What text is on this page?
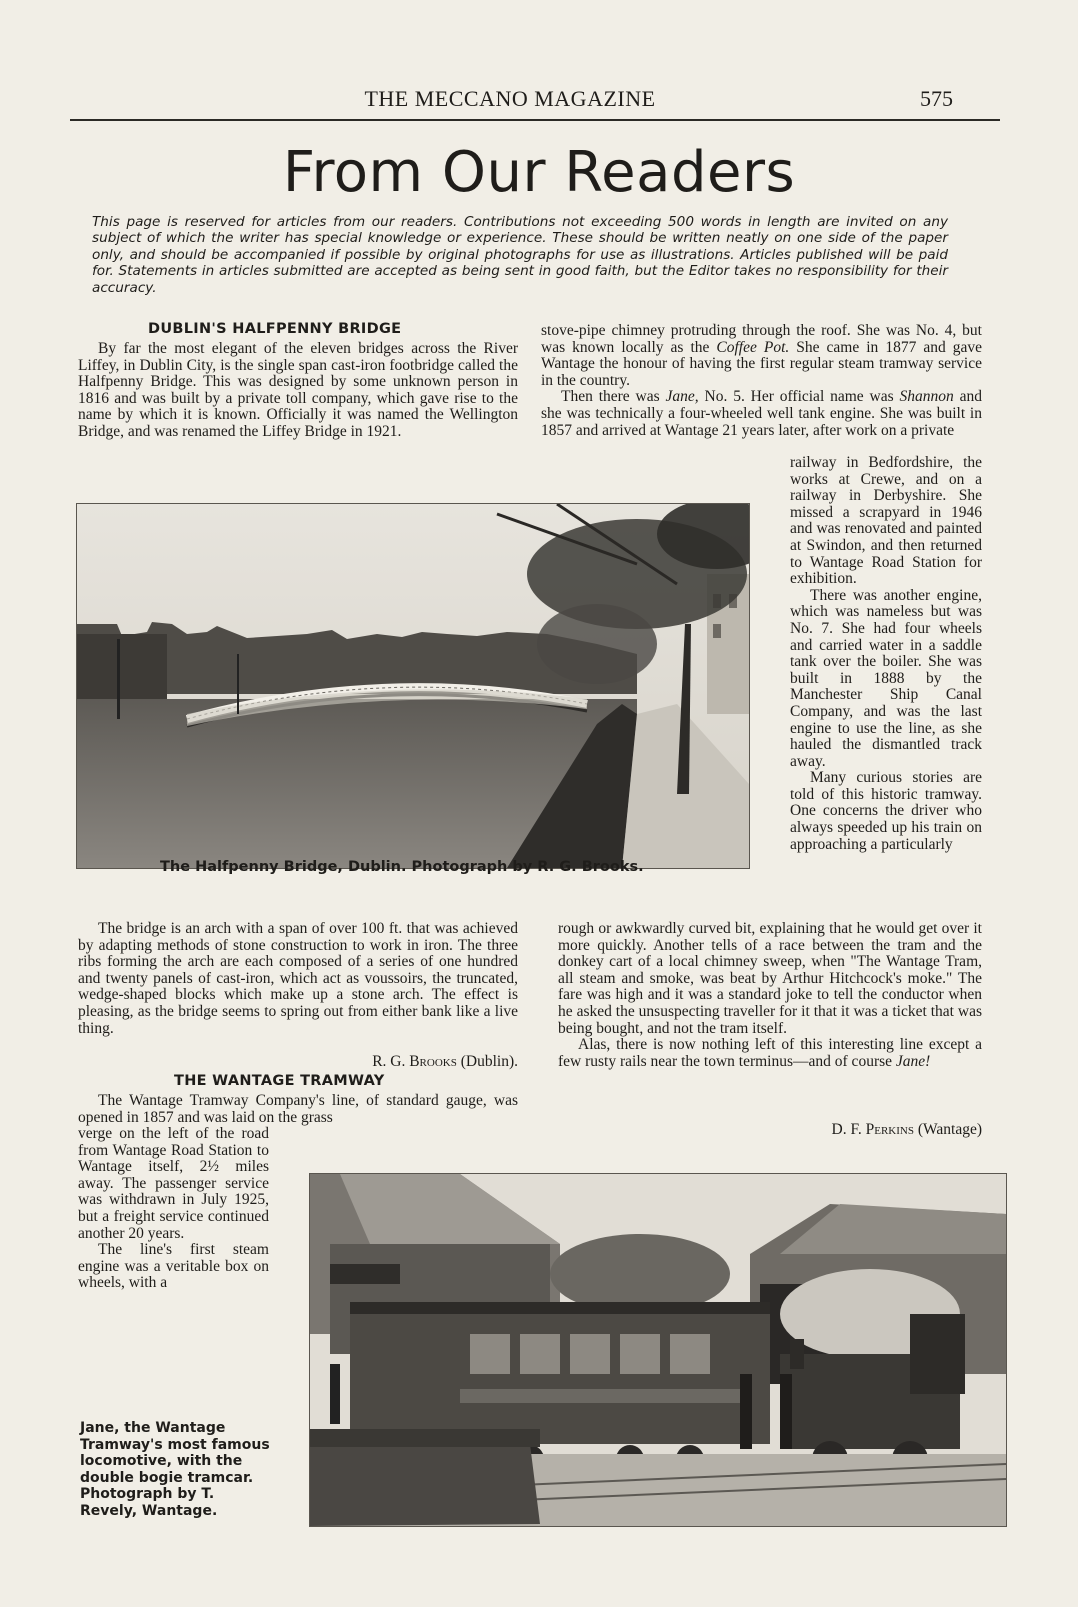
THE MECCANO MAGAZINE	575
From Our Readers
This page is reserved for articles from our readers. Contributions not exceeding 500 words in length are invited on any subject of which the writer has special knowledge or experience. These should be written neatly on one side of the paper only, and should be accompanied if possible by original photographs for use as illustrations. Articles published will be paid for. Statements in articles submitted are accepted as being sent in good faith, but the Editor takes no responsibility for their accuracy.
DUBLIN'S HALFPENNY BRIDGE

By far the most elegant of the eleven bridges across the River Liffey, in Dublin City, is the single span cast-iron footbridge called the Halfpenny Bridge. This was designed by some unknown person in 1816 and was built by a private toll company, which gave rise to the name by which it is known. Officially it was named the Wellington Bridge, and was renamed the Liffey Bridge in 1921.

stove-pipe chimney protruding through the roof. She was No. 4, but was known locally as the Coffee Pot. She came in 1877 and gave Wantage the honour of having the first regular steam tramway service in the country.

Then there was Jane, No. 5. Her official name was Shannon and she was technically a four-wheeled well tank engine. She was built in 1857 and arrived at Wantage 21 years later, after work on a private

railway in Bedfordshire, the works at Crewe, and on a railway in Derbyshire. She missed a scrapyard in 1946 and was renovated and painted at Swindon, and then returned to Wantage Road Station for exhibition.

There was another engine, which was nameless but was No. 7. She had four wheels and carried water in a saddle tank over the boiler. She was built in 1888 by the Manchester Ship Canal Company, and was the last engine to use the line, as she hauled the dismantled track away.

Many curious stories are told of this historic tramway. One concerns the driver who always speeded up his train on approaching a particularly

The Halfpenny Bridge, Dublin. Photograph by R. G. Brooks.

The bridge is an arch with a span of over 100 ft. that was achieved by adapting methods of stone construction to work in iron. The three ribs forming the arch are each composed of a series of one hundred and twenty panels of cast-iron, which act as voussoirs, the truncated, wedge-shaped blocks which make up a stone arch. The effect is pleasing, as the bridge seems to spring out from either bank like a live thing.

R. G. Brooks (Dublin).
THE WANTAGE TRAMWAY

The Wantage Tramway Company's line, of standard gauge, was opened in 1857 and was laid on the grass

verge on the left of the road from Wantage Road Station to Wantage itself, 2½ miles away. The passenger service was withdrawn in July 1925, but a freight service continued another 20 years.

The line's first steam engine was a veritable box on wheels, with a

rough or awkwardly curved bit, explaining that he would get over it more quickly. Another tells of a race between the tram and the donkey cart of a local chimney sweep, when "The Wantage Tram, all steam and smoke, was beat by Arthur Hitchcock's moke." The fare was high and it was a standard joke to tell the conductor when he asked the unsuspecting traveller for it that it was a ticket that was being bought, and not the tram itself.

Alas, there is now nothing left of this interesting line except a few rusty rails near the town terminus—and of course Jane!

D. F. Perkins (Wantage)
Jane, the Wantage Tramway's most famous locomotive, with the double bogie tramcar. Photograph by T. Revely, Wantage.
